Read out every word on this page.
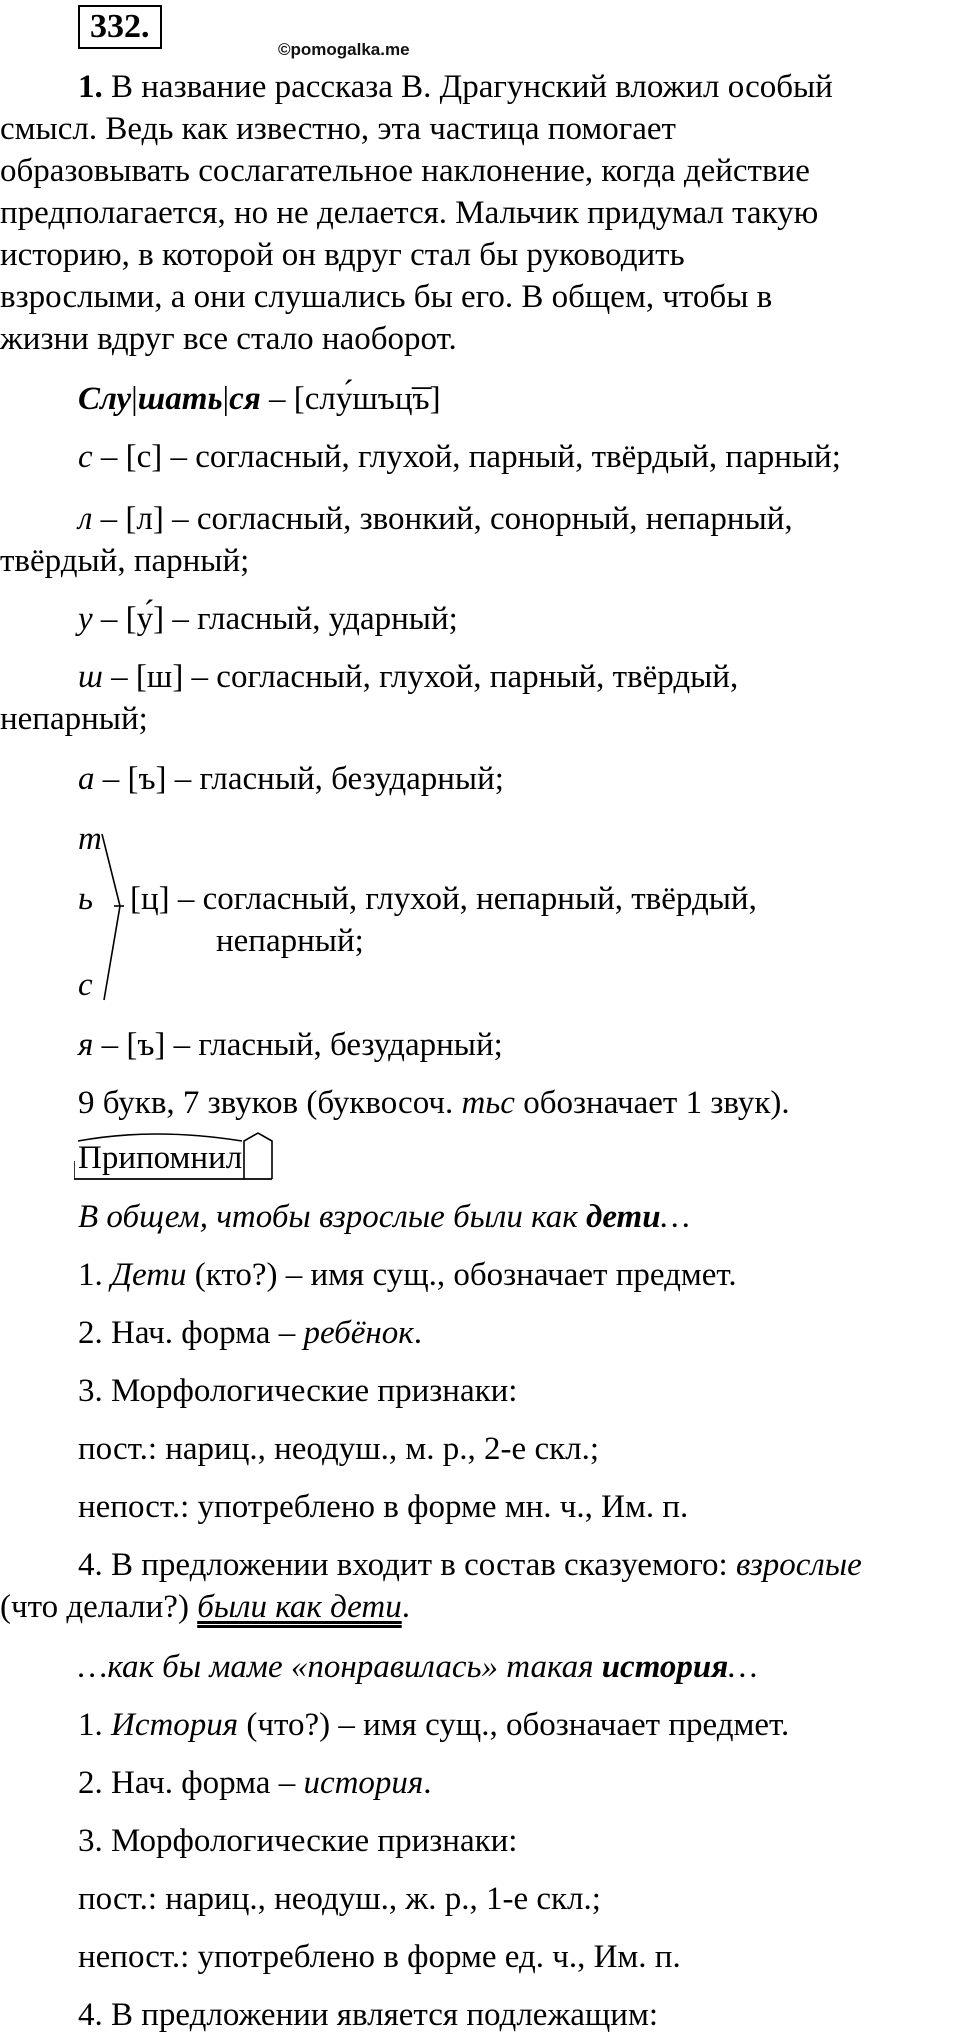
332.
©pomogalka.me
1. В название рассказа В. Драгунский вложил особый
смысл. Ведь как известно, эта частица помогает
образовывать сослагательное наклонение, когда действие
предполагается, но не делается. Мальчик придумал такую
историю, в которой он вдруг стал бы руководить
взрослыми, а они слушались бы его. В общем, чтобы в
жизни вдруг все стало наоборот.
Слу|шать|ся – [слу́шъц͞ъ]
с – [с] – согласный, глухой, парный, твёрдый, парный;
л – [л] – согласный, звонкий, сонорный, непарный,
твёрдый, парный;
у – [у́] – гласный, ударный;
ш – [ш] – согласный, глухой, парный, твёрдый,
непарный;
а – [ъ] – гласный, безударный;
т
ь
с
[ц] – согласный, глухой, непарный, твёрдый,
непарный;
я – [ъ] – гласный, безударный;
9 букв, 7 звуков (буквосоч. тьс обозначает 1 звук).
Припомнил
В общем, чтобы взрослые были как дети…
1. Дети (кто?) – имя сущ., обозначает предмет.
2. Нач. форма – ребёнок.
3. Морфологические признаки:
пост.: нариц., неодуш., м. р., 2-е скл.;
непост.: употреблено в форме мн. ч., Им. п.
4. В предложении входит в состав сказуемого: взрослые
(что делали?) были как дети.
…как бы маме «понравилась» такая история…
1. История (что?) – имя сущ., обозначает предмет.
2. Нач. форма – история.
3. Морфологические признаки:
пост.: нариц., неодуш., ж. р., 1-е скл.;
непост.: употреблено в форме ед. ч., Им. п.
4. В предложении является подлежащим:
